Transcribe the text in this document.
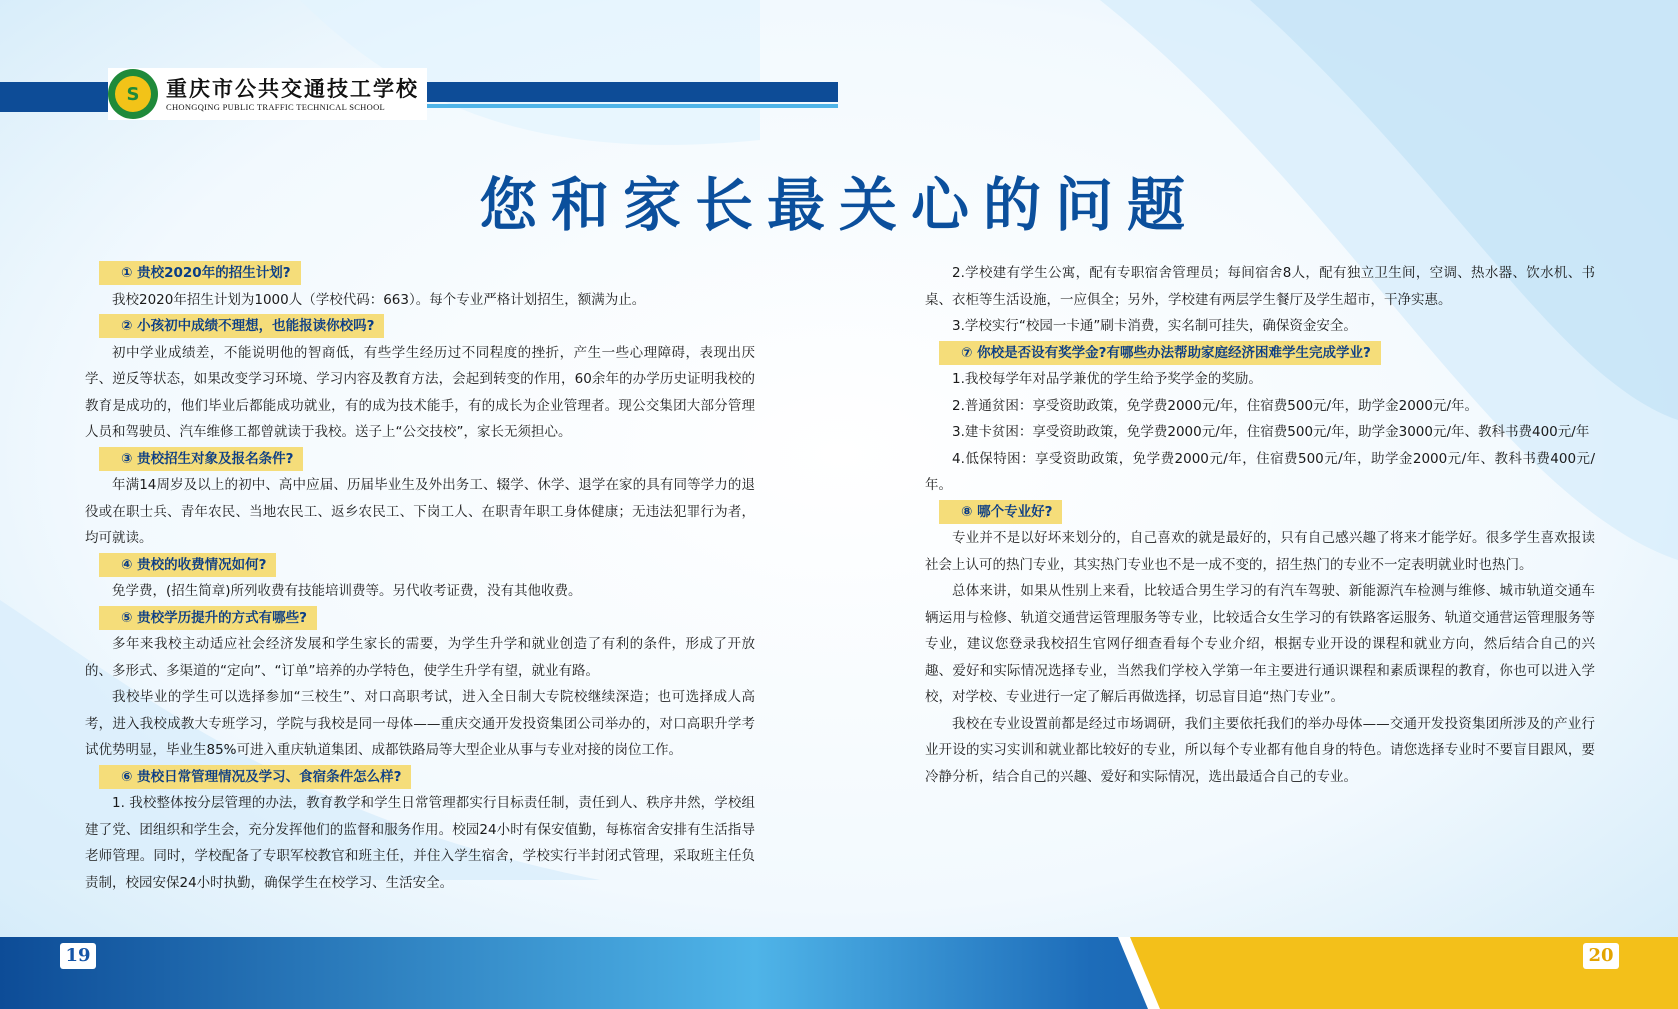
S	重庆市公共交通技工学校
CHONGQING PUBLIC TRAFFIC TECHNICAL SCHOOL
您和家长最关心的问题
① 贵校2020年的招生计划?

我校2020年招生计划为1000人（学校代码：663）。每个专业严格计划招生，额满为止。

② 小孩初中成绩不理想，也能报读你校吗?

初中学业成绩差，不能说明他的智商低，有些学生经历过不同程度的挫折，产生一些心理障碍，表现出厌学、逆反等状态，如果改变学习环境、学习内容及教育方法，会起到转变的作用，60余年的办学历史证明我校的教育是成功的，他们毕业后都能成功就业，有的成为技术能手，有的成长为企业管理者。现公交集团大部分管理人员和驾驶员、汽车维修工都曾就读于我校。送子上“公交技校”，家长无须担心。

③ 贵校招生对象及报名条件?

年满14周岁及以上的初中、高中应届、历届毕业生及外出务工、辍学、休学、退学在家的具有同等学力的退役或在职士兵、青年农民、当地农民工、返乡农民工、下岗工人、在职青年职工身体健康；无违法犯罪行为者，均可就读。

④ 贵校的收费情况如何?

免学费，(招生简章)所列收费有技能培训费等。另代收考证费，没有其他收费。

⑤ 贵校学历提升的方式有哪些?

多年来我校主动适应社会经济发展和学生家长的需要，为学生升学和就业创造了有利的条件，形成了开放的、多形式、多渠道的“定向”、“订单”培养的办学特色，使学生升学有望，就业有路。

我校毕业的学生可以选择参加“三校生”、对口高职考试，进入全日制大专院校继续深造；也可选择成人高考，进入我校成教大专班学习，学院与我校是同一母体——重庆交通开发投资集团公司举办的，对口高职升学考试优势明显，毕业生85%可进入重庆轨道集团、成都铁路局等大型企业从事与专业对接的岗位工作。

⑥ 贵校日常管理情况及学习、食宿条件怎么样?

1. 我校整体按分层管理的办法，教育教学和学生日常管理都实行目标责任制，责任到人、秩序井然，学校组建了党、团组织和学生会，充分发挥他们的监督和服务作用。校园24小时有保安值勤，每栋宿舍安排有生活指导老师管理。同时，学校配备了专职军校教官和班主任，并住入学生宿舍，学校实行半封闭式管理，采取班主任负责制，校园安保24小时执勤，确保学生在校学习、生活安全。

2.学校建有学生公寓，配有专职宿舍管理员；每间宿舍8人，配有独立卫生间，空调、热水器、饮水机、书桌、衣柜等生活设施，一应俱全；另外，学校建有两层学生餐厅及学生超市，干净实惠。

3.学校实行“校园一卡通”刷卡消费，实名制可挂失，确保资金安全。

⑦ 你校是否设有奖学金?有哪些办法帮助家庭经济困难学生完成学业?

1.我校每学年对品学兼优的学生给予奖学金的奖励。

2.普通贫困：享受资助政策，免学费2000元/年，住宿费500元/年，助学金2000元/年。

3.建卡贫困：享受资助政策，免学费2000元/年，住宿费500元/年，助学金3000元/年、教科书费400元/年

4.低保特困：享受资助政策，免学费2000元/年，住宿费500元/年，助学金2000元/年、教科书费400元/年。

⑧ 哪个专业好?

专业并不是以好坏来划分的，自己喜欢的就是最好的，只有自己感兴趣了将来才能学好。很多学生喜欢报读社会上认可的热门专业，其实热门专业也不是一成不变的，招生热门的专业不一定表明就业时也热门。

总体来讲，如果从性别上来看，比较适合男生学习的有汽车驾驶、新能源汽车检测与维修、城市轨道交通车辆运用与检修、轨道交通营运管理服务等专业，比较适合女生学习的有铁路客运服务、轨道交通营运管理服务等专业，建议您登录我校招生官网仔细查看每个专业介绍，根据专业开设的课程和就业方向，然后结合自己的兴趣、爱好和实际情况选择专业，当然我们学校入学第一年主要进行通识课程和素质课程的教育，你也可以进入学校，对学校、专业进行一定了解后再做选择，切忌盲目追“热门专业”。

我校在专业设置前都是经过市场调研，我们主要依托我们的举办母体——交通开发投资集团所涉及的产业行业开设的实习实训和就业都比较好的专业，所以每个专业都有他自身的特色。请您选择专业时不要盲目跟风，要冷静分析，结合自己的兴趣、爱好和实际情况，选出最适合自己的专业。

19	20
